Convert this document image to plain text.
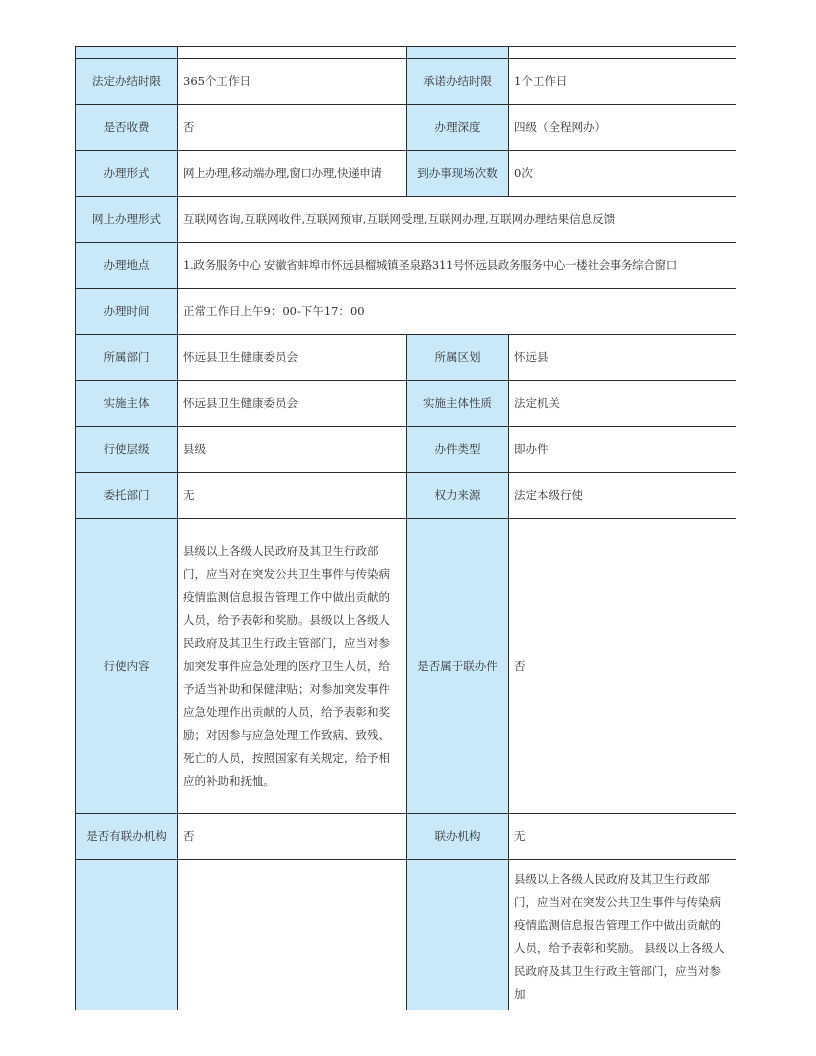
法定办结时限	365个工作日	承诺办结时限	1个工作日
是否收费	否	办理深度	四级（全程网办）
办理形式	网上办理,移动端办理,窗口办理,快递申请	到办事现场次数	0次
网上办理形式	互联网咨询,互联网收件,互联网预审,互联网受理,互联网办理,互联网办理结果信息反馈		
办理地点	1.政务服务中心 安徽省蚌埠市怀远县榴城镇圣泉路311号怀远县政务服务中心一楼社会事务综合窗口		
办理时间	正常工作日上午9：00-下午17：00		
所属部门	怀远县卫生健康委员会	所属区划	怀远县
实施主体	怀远县卫生健康委员会	实施主体性质	法定机关
行使层级	县级	办件类型	即办件
委托部门	无	权力来源	法定本级行使
行使内容	县级以上各级人民政府及其卫生行政部门，应当对在突发公共卫生事件与传染病疫情监测信息报告管理工作中做出贡献的人员，给予表彰和奖励。县级以上各级人民政府及其卫生行政主管部门，应当对参加突发事件应急处理的医疗卫生人员，给予适当补助和保健津贴；对参加突发事件应急处理作出贡献的人员，给予表彰和奖励；对因参与应急处理工作致病、致残、死亡的人员，按照国家有关规定，给予相应的补助和抚恤。	是否属于联办件	否
是否有联办机构	否	联办机构	无
			县级以上各级人民政府及其卫生行政部门，应当对在突发公共卫生事件与传染病疫情监测信息报告管理工作中做出贡献的人员，给予表彰和奖励。 县级以上各级人民政府及其卫生行政主管部门，应当对参加
